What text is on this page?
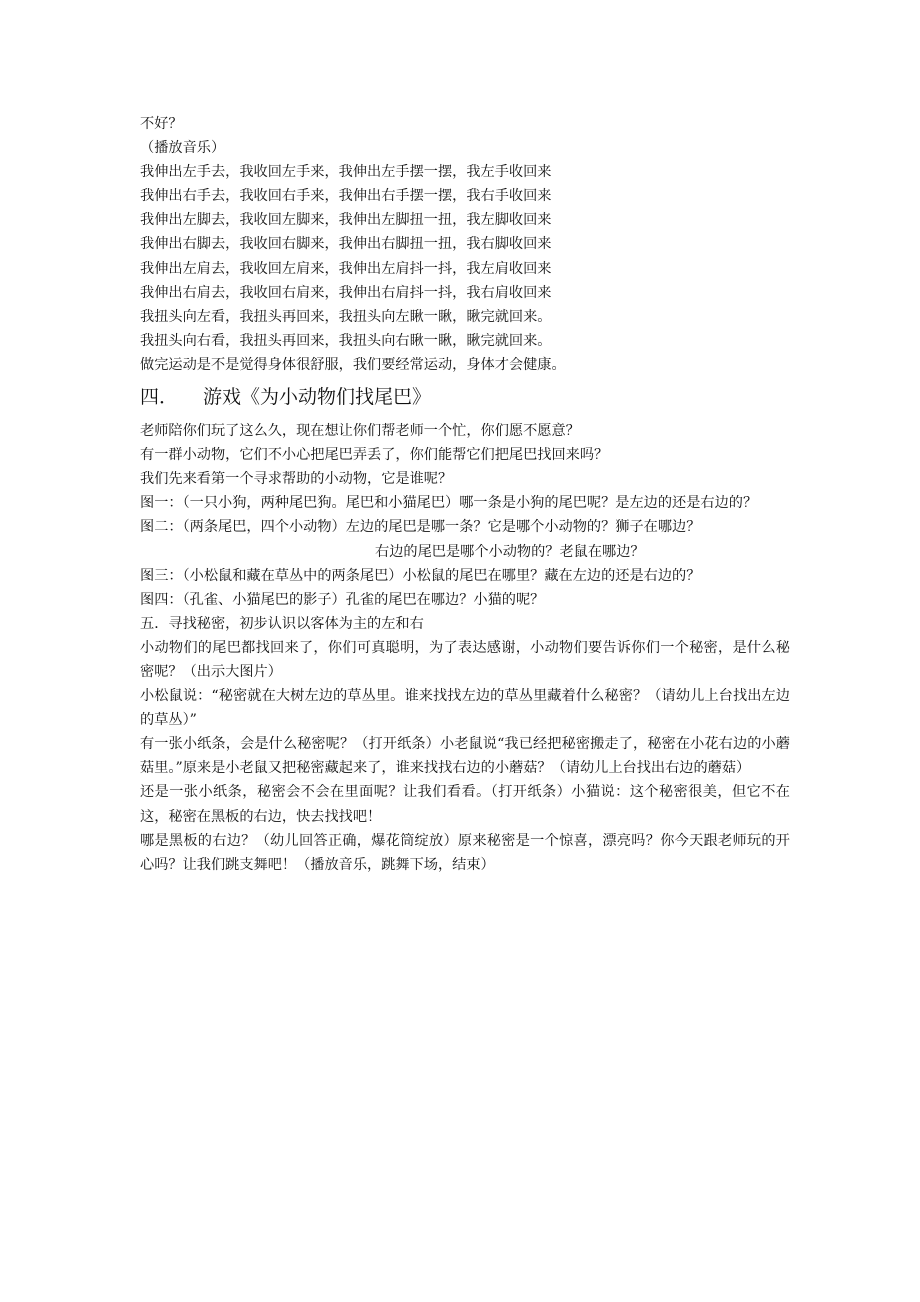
不好？
（播放音乐）
我伸出左手去，我收回左手来，我伸出左手摆一摆，我左手收回来
我伸出右手去，我收回右手来，我伸出右手摆一摆，我右手收回来
我伸出左脚去，我收回左脚来，我伸出左脚扭一扭，我左脚收回来
我伸出右脚去，我收回右脚来，我伸出右脚扭一扭，我右脚收回来
我伸出左肩去，我收回左肩来，我伸出左肩抖一抖，我左肩收回来
我伸出右肩去，我收回右肩来，我伸出右肩抖一抖，我右肩收回来
我扭头向左看，我扭头再回来，我扭头向左瞅一瞅，瞅完就回来。
我扭头向右看，我扭头再回来，我扭头向右瞅一瞅，瞅完就回来。
做完运动是不是觉得身体很舒服，我们要经常运动，身体才会健康。
四． 游戏《为小动物们找尾巴》
老师陪你们玩了这么久，现在想让你们帮老师一个忙，你们愿不愿意？
有一群小动物，它们不小心把尾巴弄丢了，你们能帮它们把尾巴找回来吗？
我们先来看第一个寻求帮助的小动物，它是谁呢？
图一：（一只小狗，两种尾巴狗。尾巴和小猫尾巴）哪一条是小狗的尾巴呢？是左边的还是右边的？
图二：（两条尾巴，四个小动物）左边的尾巴是哪一条？它是哪个小动物的？狮子在哪边？
右边的尾巴是哪个小动物的？老鼠在哪边？
图三：（小松鼠和藏在草丛中的两条尾巴）小松鼠的尾巴在哪里？藏在左边的还是右边的？
图四：（孔雀、小猫尾巴的影子）孔雀的尾巴在哪边？小猫的呢？
五．寻找秘密，初步认识以客体为主的左和右
小动物们的尾巴都找回来了，你们可真聪明，为了表达感谢，小动物们要告诉你们一个秘密，是什么秘密呢？（出示大图片）
小松鼠说：“秘密就在大树左边的草丛里。谁来找找左边的草丛里藏着什么秘密？（请幼儿上台找出左边的草丛）”
有一张小纸条，会是什么秘密呢？（打开纸条）小老鼠说“我已经把秘密搬走了，秘密在小花右边的小蘑菇里。”原来是小老鼠又把秘密藏起来了，谁来找找右边的小蘑菇？（请幼儿上台找出右边的蘑菇）
还是一张小纸条，秘密会不会在里面呢？让我们看看。（打开纸条）小猫说：这个秘密很美，但它不在这，秘密在黑板的右边，快去找找吧！
哪是黑板的右边？（幼儿回答正确，爆花筒绽放）原来秘密是一个惊喜，漂亮吗？你今天跟老师玩的开心吗？让我们跳支舞吧！（播放音乐，跳舞下场，结束）
